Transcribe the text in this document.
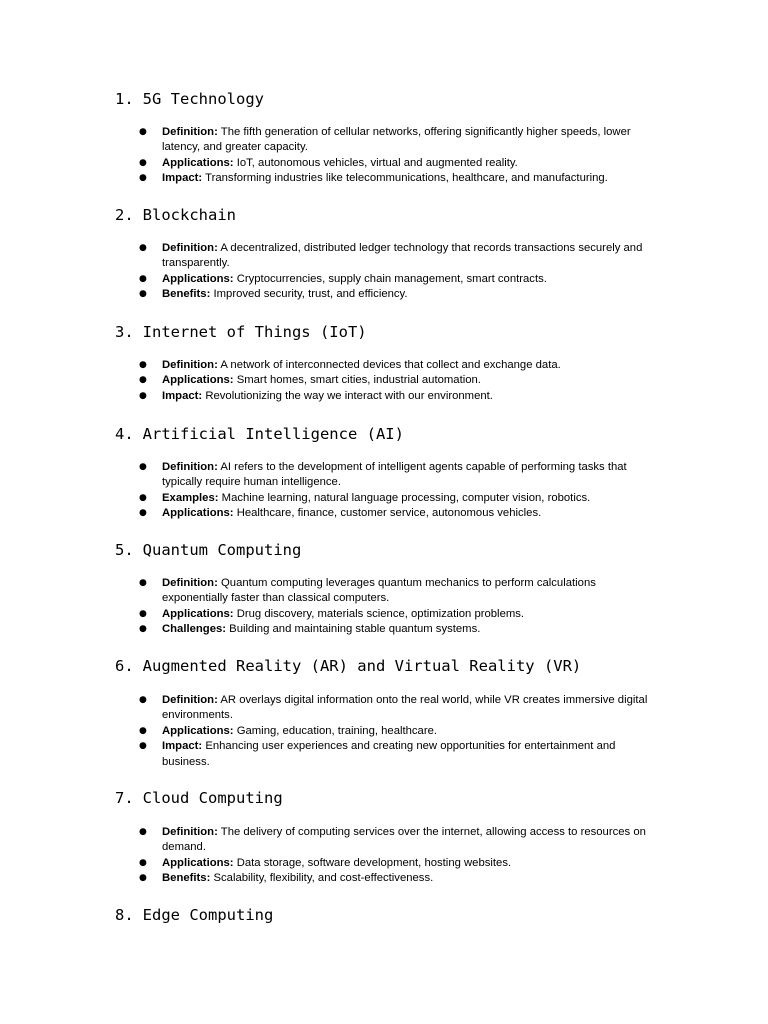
1. 5G Technology
● Definition: The fifth generation of cellular networks, offering significantly higher speeds, lower latency, and greater capacity.
● Applications: IoT, autonomous vehicles, virtual and augmented reality.
● Impact: Transforming industries like telecommunications, healthcare, and manufacturing.
2. Blockchain
● Definition: A decentralized, distributed ledger technology that records transactions securely and transparently.
● Applications: Cryptocurrencies, supply chain management, smart contracts.
● Benefits: Improved security, trust, and efficiency.
3. Internet of Things (IoT)
● Definition: A network of interconnected devices that collect and exchange data.
● Applications: Smart homes, smart cities, industrial automation.
● Impact: Revolutionizing the way we interact with our environment.
4. Artificial Intelligence (AI)
● Definition: AI refers to the development of intelligent agents capable of performing tasks that typically require human intelligence.
● Examples: Machine learning, natural language processing, computer vision, robotics.
● Applications: Healthcare, finance, customer service, autonomous vehicles.
5. Quantum Computing
● Definition: Quantum computing leverages quantum mechanics to perform calculations exponentially faster than classical computers.
● Applications: Drug discovery, materials science, optimization problems.
● Challenges: Building and maintaining stable quantum systems.
6. Augmented Reality (AR) and Virtual Reality (VR)
● Definition: AR overlays digital information onto the real world, while VR creates immersive digital environments.
● Applications: Gaming, education, training, healthcare.
● Impact: Enhancing user experiences and creating new opportunities for entertainment and business.
7. Cloud Computing
● Definition: The delivery of computing services over the internet, allowing access to resources on demand.
● Applications: Data storage, software development, hosting websites.
● Benefits: Scalability, flexibility, and cost-effectiveness.
8. Edge Computing
